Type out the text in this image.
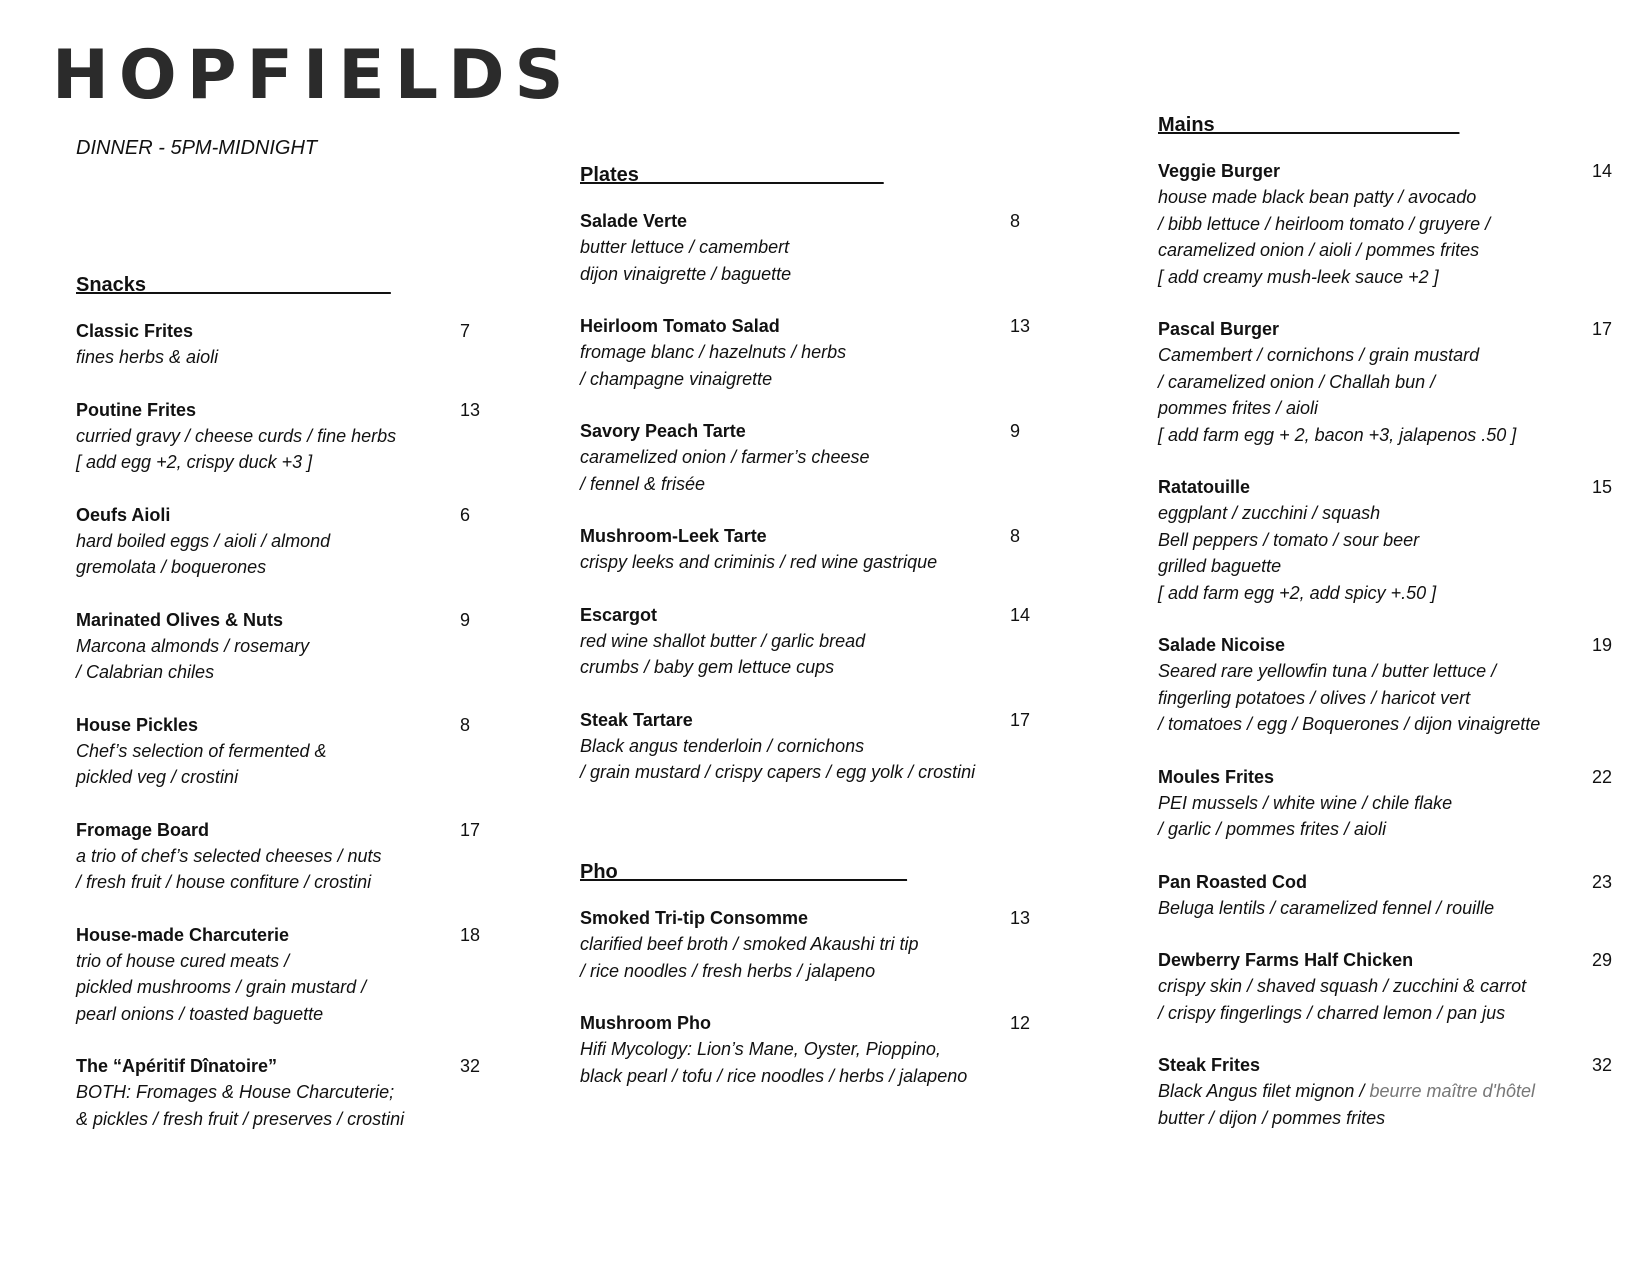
HOPFIELDS
DINNER - 5PM-MIDNIGHT
Snacks______________________
Classic Frites	7
fines herbs & aioli
Poutine Frites	13
curried gravy / cheese curds / fine herbs
[ add egg +2, crispy duck +3 ]
Oeufs Aioli	6
hard boiled eggs / aioli / almond
gremolata / boquerones
Marinated Olives & Nuts	9
Marcona almonds / rosemary
/ Calabrian chiles
House Pickles	8
Chef’s selection of fermented &
pickled veg / crostini
Fromage Board	17
a trio of chef’s selected cheeses / nuts
/ fresh fruit / house confiture / crostini
House-made Charcuterie	18
trio of house cured meats /
pickled mushrooms / grain mustard /
pearl onions / toasted baguette
The “Apéritif Dînatoire”	32
BOTH: Fromages & House Charcuterie;
& pickles / fresh fruit / preserves / crostini
Plates______________________
Salade Verte	8
butter lettuce / camembert
dijon vinaigrette / baguette
Heirloom Tomato Salad	13
fromage blanc / hazelnuts / herbs
/ champagne vinaigrette
Savory Peach Tarte	9
caramelized onion / farmer’s cheese
/ fennel & frisée
Mushroom-Leek Tarte	8
crispy leeks and criminis / red wine gastrique
Escargot	14
red wine shallot butter / garlic bread
crumbs / baby gem lettuce cups
Steak Tartare	17
Black angus tenderloin / cornichons
/ grain mustard / crispy capers / egg yolk / crostini
Pho__________________________
Smoked Tri-tip Consomme	13
clarified beef broth / smoked Akaushi tri tip
/ rice noodles / fresh herbs / jalapeno
Mushroom Pho	12
Hifi Mycology: Lion’s Mane, Oyster, Pioppino,
black pearl / tofu / rice noodles / herbs / jalapeno
Mains______________________
Veggie Burger	14
house made black bean patty / avocado
/ bibb lettuce / heirloom tomato / gruyere /
caramelized onion / aioli / pommes frites
[ add creamy mush-leek sauce +2 ]
Pascal Burger	17
Camembert / cornichons / grain mustard
/ caramelized onion / Challah bun /
pommes frites / aioli
[ add farm egg + 2, bacon +3, jalapenos .50 ]
Ratatouille	15
eggplant / zucchini / squash
Bell peppers / tomato / sour beer
grilled baguette
[ add farm egg +2, add spicy +.50 ]
Salade Nicoise	19
Seared rare yellowfin tuna / butter lettuce /
fingerling potatoes / olives / haricot vert
/ tomatoes / egg / Boquerones / dijon vinaigrette
Moules Frites	22
PEI mussels / white wine / chile flake
/ garlic / pommes frites / aioli
Pan Roasted Cod	23
Beluga lentils / caramelized fennel / rouille
Dewberry Farms Half Chicken	29
crispy skin / shaved squash / zucchini & carrot
/ crispy fingerlings / charred lemon / pan jus
Steak Frites	32
Black Angus filet mignon / beurre maître d'hôtel
butter / dijon / pommes frites
